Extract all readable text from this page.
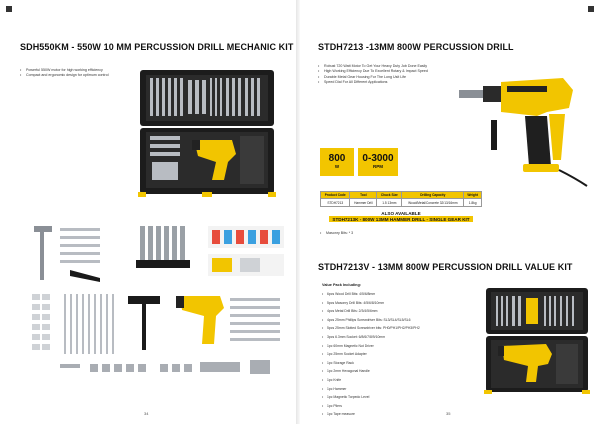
SDH550KM - 550W 10 MM PERCUSSION DRILL MECHANIC KIT
• Powerful 550W motor for high working efficiency
• Compact and ergonomic design for optimum control
34
STDH7213 -13MM 800W PERCUSSION DRILL
• Robust 720 Watt Motor To Get Your Heavy Duty Job Done Easily
• High Working Efficiency Due To Excellent Rotary & Impact Speed
• Durable Metal Gear Housing For The Long Usit Life
• Speed Dial For All Different Applications
800
W
0-3000
RPM
Product Code	Tool	Chuck Size	Drilling Capacity	Weight
STDH7213	Hammer Drill	1.5 13mm	Wood/Metal/Concrete 32/13/16mm	1.8kg
ALSO AVAILABLE
STDH7213K - 800W 13MM HAMMER DRILL - SINGLE GEAR KIT
• Masonry Bits: * 3
STDH7213V - 13MM 800W PERCUSSION DRILL VALUE KIT
Value Pack Including:
• 6pcs Wood Drill Bits: 4/5/6/8mm
• 5pcs Masonry Drill Bits: 4/5/6/8/10mm
• 4pcs Metal Drill Bits: 2/3/4/5/6mm
• 4pcs 25mm Phillips Screwdriver Bits: SL3/SL4/SL5/SL6
• 5pcs 25mm Slotted Screwdriver bits: PH0/PH1/PH2/PH3/PH2
• 3pcs 6.3mm Socket: 6/8/6/7/8/9/10mm
• 1pc 60mm Magnetic Nut Driver
• 1pc 25mm Socket Adapter
• 1pc Storage Rack
• 1pc 2mm Hexagonal Handle
• 1pc Knife
• 1pc Hammer
• 1pc Magnetic Torpedo Level
• 1pc Pliers
• 1pc Tape measure	35
